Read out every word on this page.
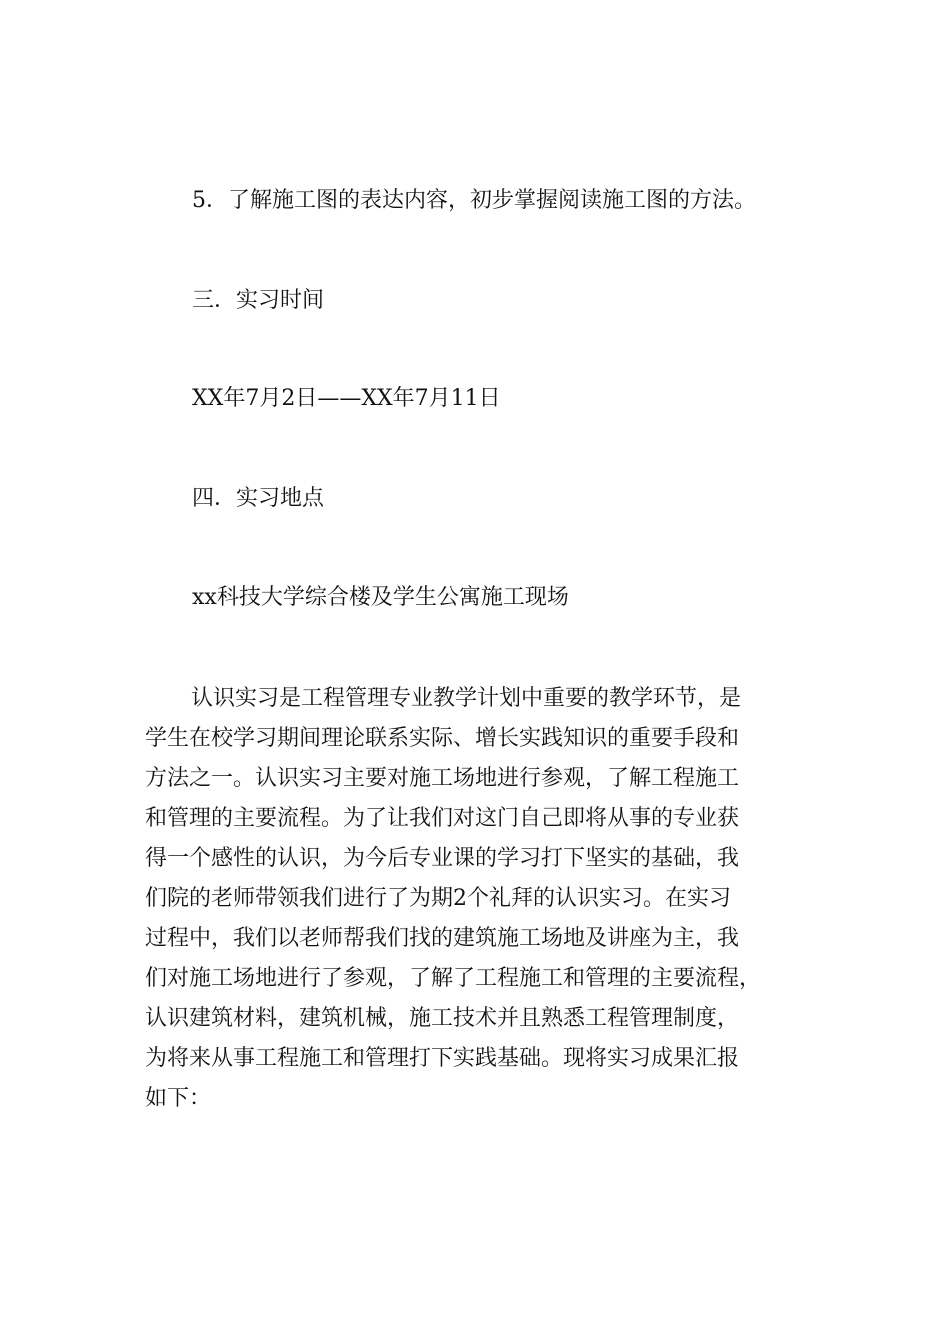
5．了解施工图的表达内容，初步掌握阅读施工图的方法。
三．实习时间
XX年7月2日——XX年7月11日
四．实习地点
xx科技大学综合楼及学生公寓施工现场
认识实习是工程管理专业教学计划中重要的教学环节，是
学生在校学习期间理论联系实际、增长实践知识的重要手段和
方法之一。认识实习主要对施工场地进行参观，了解工程施工
和管理的主要流程。为了让我们对这门自己即将从事的专业获
得一个感性的认识，为今后专业课的学习打下坚实的基础，我
们院的老师带领我们进行了为期2个礼拜的认识实习。在实习
过程中，我们以老师帮我们找的建筑施工场地及讲座为主，我
们对施工场地进行了参观，了解了工程施工和管理的主要流程，
认识建筑材料，建筑机械，施工技术并且熟悉工程管理制度，
为将来从事工程施工和管理打下实践基础。现将实习成果汇报
如下：
